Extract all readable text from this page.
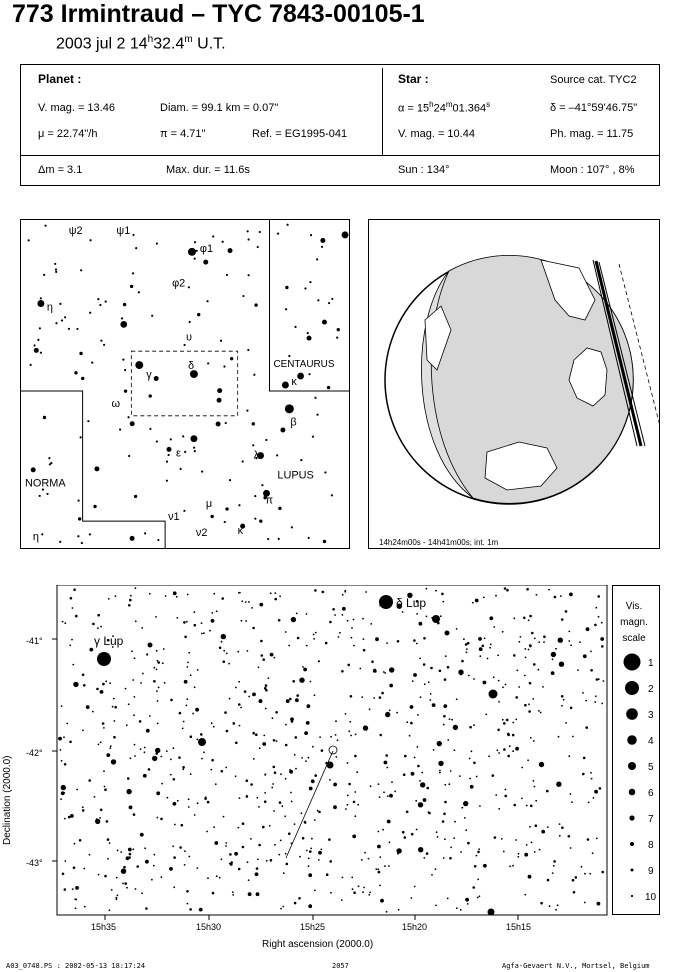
773 Irmintraud – TYC 7843-00105-1
2003 jul 2 14$^h$32.4$^m$ U.T.
Planet :
V. mag. = 13.46	Diam. = 99.1 km = 0.07"
μ = 22.74"/h	π = 4.71"	Ref. = EG1995-041
Star :	Source cat. TYC2
$\alpha = 15^h24^m01.364^s$	δ = –41°59'46.75"
V. mag. = 10.44	Ph. mag. = 11.75
Δm = 3.1	Max. dur. = 11.6s	Sun : 134°	Moon : 107° , 8%
ψ2	ψ1
φ1
φ2
η
υ
γ
δ
ω
CENTAURUS
κ
β
ε	λ
LUPUS
NORMA
π
μ
ν1
ν2	κ
η	14h24m00s - 14h41m00s; int. 1m
δ Lup
γ Lup
-41°
-42°
-43°
15h35	15h30	15h25	15h20	15h15
Right ascension (2000.0)
Declination (2000.0)
Vis.
magn.
scale
1
2
3
4
5
6
7
8
9
10
A03_0748.PS : 2002-05-13 18:17:24	2057	Agfa-Gevaert N.V., Mortsel, Belgium
